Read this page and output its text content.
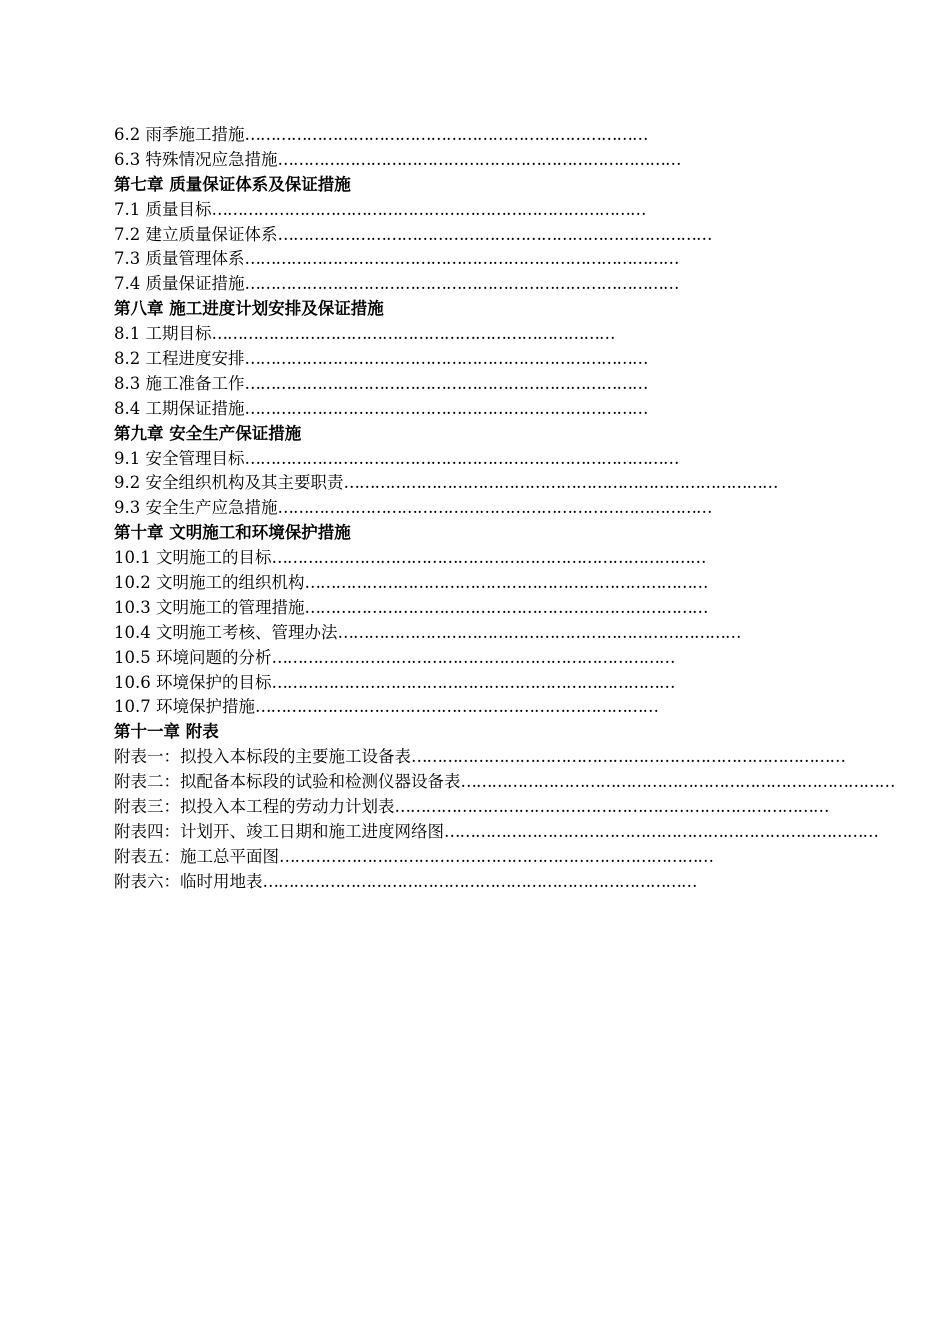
6.2 雨季施工措施……………………………………………………………………
6.3 特殊情况应急措施……………………………………………………………………
第七章 质量保证体系及保证措施
7.1 质量目标…………………………………………………………………………
7.2 建立质量保证体系…………………………………………………………………………
7.3 质量管理体系…………………………………………………………………………
7.4 质量保证措施…………………………………………………………………………
第八章 施工进度计划安排及保证措施
8.1 工期目标……………………………………………………………………
8.2 工程进度安排……………………………………………………………………
8.3 施工准备工作……………………………………………………………………
8.4 工期保证措施……………………………………………………………………
第九章 安全生产保证措施
9.1 安全管理目标…………………………………………………………………………
9.2 安全组织机构及其主要职责…………………………………………………………………………
9.3 安全生产应急措施…………………………………………………………………………
第十章 文明施工和环境保护措施
10.1 文明施工的目标…………………………………………………………………………
10.2 文明施工的组织机构……………………………………………………………………
10.3 文明施工的管理措施……………………………………………………………………
10.4 文明施工考核、管理办法……………………………………………………………………
10.5 环境问题的分析……………………………………………………………………
10.6 环境保护的目标……………………………………………………………………
10.7 环境保护措施……………………………………………………………………
第十一章 附表
附表一：拟投入本标段的主要施工设备表…………………………………………………………………………
附表二：拟配备本标段的试验和检测仪器设备表…………………………………………………………………………
附表三：拟投入本工程的劳动力计划表…………………………………………………………………………
附表四：计划开、竣工日期和施工进度网络图…………………………………………………………………………
附表五：施工总平面图…………………………………………………………………………
附表六：临时用地表…………………………………………………………………………
